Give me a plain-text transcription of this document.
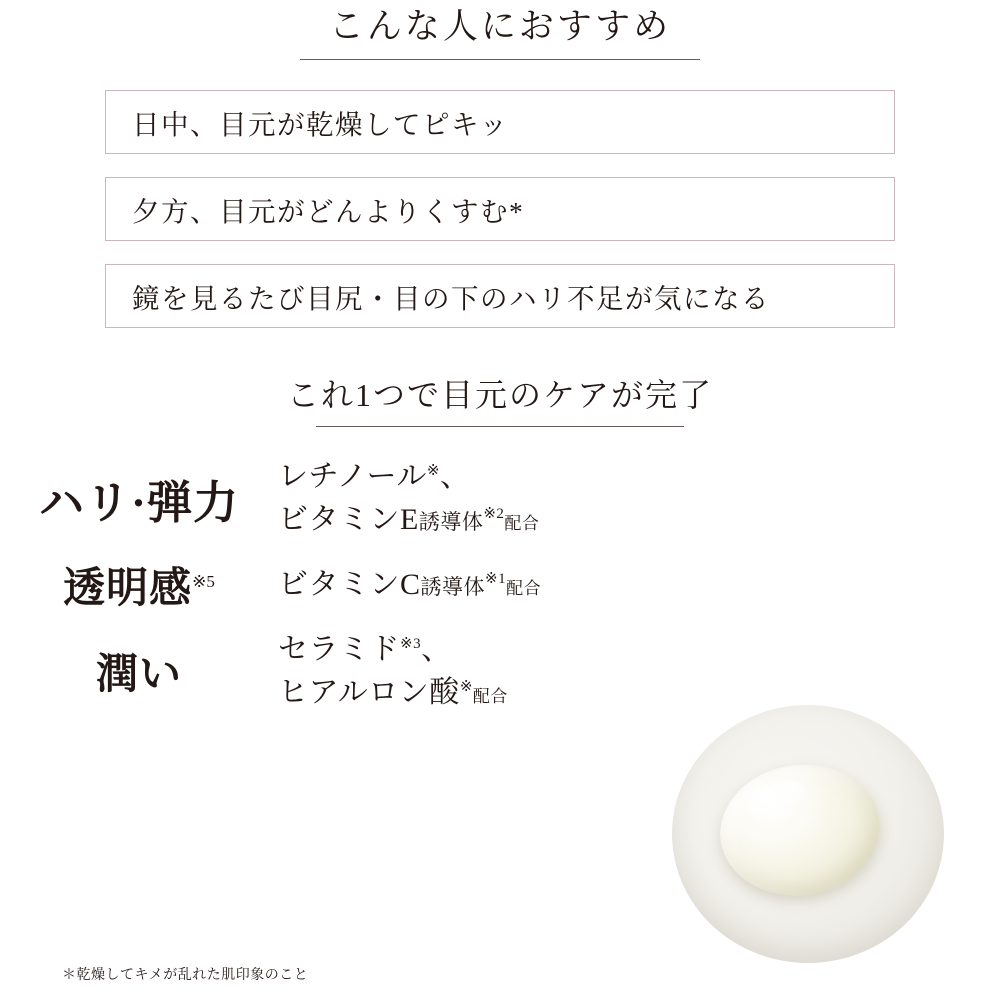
こんな人におすすめ
日中、目元が乾燥してピキッ
夕方、目元がどんよりくすむ*
鏡を見るたび目尻・目の下のハリ不足が気になる
これ1つで目元のケアが完了
ハリ·弾力
レチノール※、
ビタミンE誘導体$^{※2}$配合
透明感$^{※5}$	ビタミンC誘導体$^{※1}$配合
潤い
セラミド$^{※3}$、
ヒアルロン酸※配合
＊乾燥してキメが乱れた肌印象のこと
